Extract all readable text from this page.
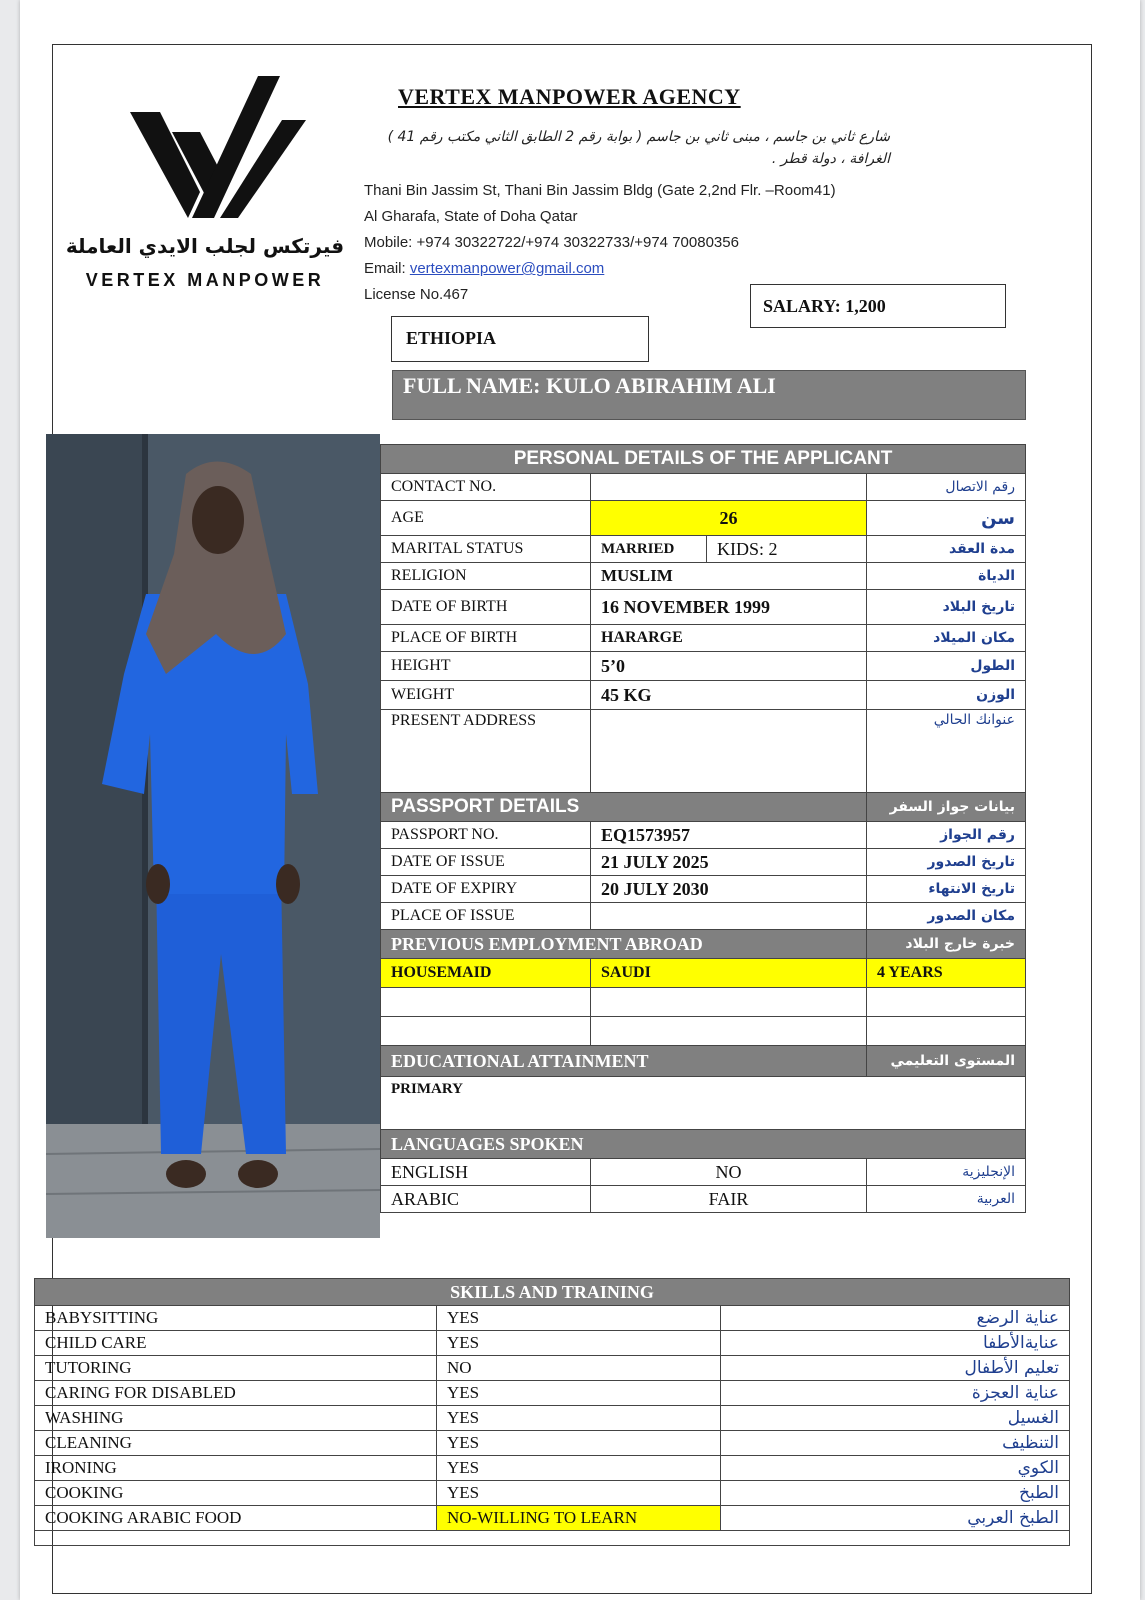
فيرتكس لجلب الايدي العاملة
VERTEX MANPOWER
VERTEX MANPOWER AGENCY
شارع ثاني بن جاسم ، مبنى ثاني بن جاسم ( بوابة رقم 2 الطابق الثاني مكتب رقم 41 )
الغرافة ، دولة قطر .
Thani Bin Jassim St, Thani Bin Jassim Bldg (Gate 2,2nd Flr. –Room41)
Al Gharafa, State of Doha Qatar
Mobile: +974 30322722/+974 30322733/+974 70080356
Email: vertexmanpower@gmail.com
License No.467
SALARY: 1,200
ETHIOPIA
FULL NAME: KULO ABIRAHIM ALI
PERSONAL DETAILS OF THE APPLICANT			
CONTACT NO.			رقم الاتصال
AGE	26		سن
MARITAL STATUS	MARRIED	KIDS: 2	مدة العقد
RELIGION	MUSLIM		الدياة
DATE OF BIRTH	16 NOVEMBER 1999		تاريخ البلاد
PLACE OF BIRTH	HARARGE		مكان الميلاد
HEIGHT	5’0		الطول
WEIGHT	45 KG		الوزن
PRESENT ADDRESS			عنوانك الحالي
PASSPORT DETAILS			بيانات جواز السفر
PASSPORT NO.	EQ1573957		رقم الجواز
DATE OF ISSUE	21 JULY 2025		تاريخ الصدور
DATE OF EXPIRY	20 JULY 2030		تاريخ الانتهاء
PLACE OF ISSUE			مكان الصدور
PREVIOUS EMPLOYMENT ABROAD			خبرة خارج البلاد
HOUSEMAID	SAUDI		4 YEARS

EDUCATIONAL ATTAINMENT			المستوى التعليمي
PRIMARY			
LANGUAGES SPOKEN			
ENGLISH	NO		الإنجليزية
ARABIC	FAIR		العربية
SKILLS AND TRAINING		
BABYSITTING	YES	عناية الرضع
CHILD CARE	YES	عنايةالأطفا
TUTORING	NO	تعليم الأطفال
CARING FOR DISABLED	YES	عناية العجزة
WASHING	YES	الغسيل
CLEANING	YES	التنظيف
IRONING	YES	الكوي
COOKING	YES	الطبخ
COOKING ARABIC FOOD	NO-WILLING TO LEARN	الطبخ العربي
